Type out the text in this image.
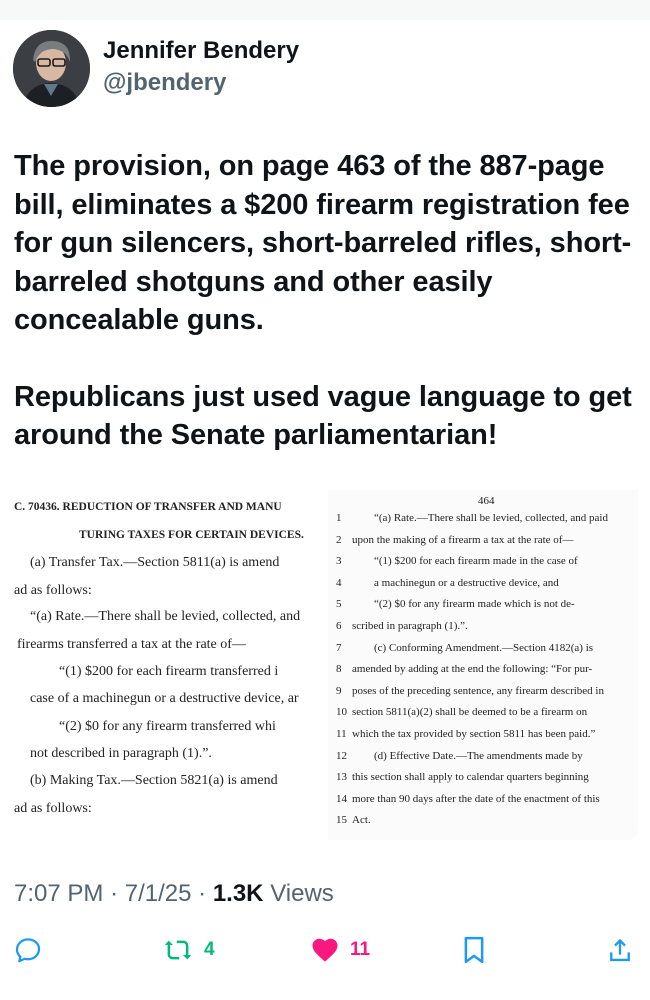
Jennifer Bendery
@jbendery

The provision, on page 463 of the 887-page bill, eliminates a $200 firearm registration fee for gun silencers, short-barreled rifles, short-barreled shotguns and other easily concealable guns.

Republicans just used vague language to get around the Senate parliamentarian!

C. 70436. REDUCTION OF TRANSFER AND MANU
TURING TAXES FOR CERTAIN DEVICES.
(a) Transfer Tax.—Section 5811(a) is amend
ad as follows:
“(a) Rate.—There shall be levied, collected, and
firearms transferred a tax at the rate of—
“(1) $200 for each firearm transferred i
case of a machinegun or a destructive device, ar
“(2) $0 for any firearm transferred whi
not described in paragraph (1).”.
(b) Making Tax.—Section 5821(a) is amend
ad as follows:
464
1	“(a) Rate.—There shall be levied, collected, and paid
2 upon the making of a firearm a tax at the rate of—
3	“(1) $200 for each firearm made in the case of
4	a machinegun or a destructive device, and
5	“(2) $0 for any firearm made which is not de-
6 scribed in paragraph (1).”.
7	(c) Conforming Amendment.—Section 4182(a) is
8 amended by adding at the end the following: “For pur-
9 poses of the preceding sentence, any firearm described in
10 section 5811(a)(2) shall be deemed to be a firearm on
11 which the tax provided by section 5811 has been paid.”
12 (d) Effective Date.—The amendments made by
13 this section shall apply to calendar quarters beginning
14 more than 90 days after the date of the enactment of this
15 Act.
7:07 PM · 7/1/25 · 1.3K Views
4	11
